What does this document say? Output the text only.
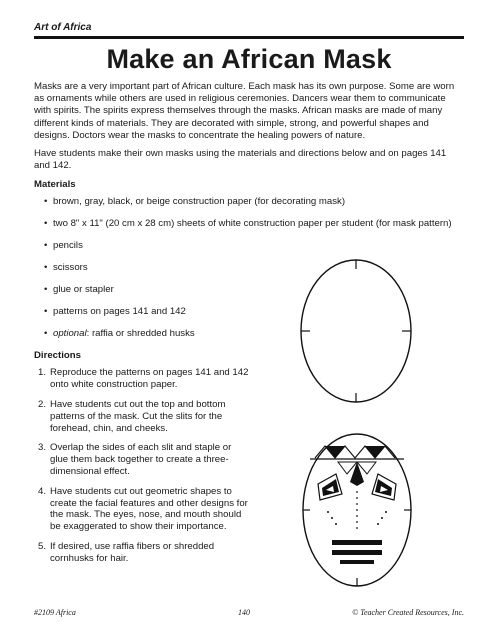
Art of Africa
Make an African Mask

Masks are a very important part of African culture. Each mask has its own purpose. Some are worn as ornaments while others are used in religious ceremonies. Dancers wear them to communicate with spirits. The spirits express themselves through the masks. African masks are made of many different kinds of materials. They are decorated with simple, strong, and powerful shapes and designs. Doctors wear the masks to concentrate the healing powers of nature.

Have students make their own masks using the materials and directions below and on pages 141 and 142.

Materials
• brown, gray, black, or beige construction paper (for decorating mask)
• two 8" x 11" (20 cm x 28 cm) sheets of white construction paper per student (for mask pattern)
• pencils
• scissors
• glue or stapler
• patterns on pages 141 and 142
• optional: raffia or shredded husks
Directions
1. Reproduce the patterns on pages 141 and 142 onto white construction paper.
2. Have students cut out the top and bottom patterns of the mask. Cut the slits for the forehead, chin, and cheeks.
3. Overlap the sides of each slit and staple or glue them back together to create a three-dimensional effect.
4. Have students cut out geometric shapes to create the facial features and other designs for the mask. The eyes, nose, and mouth should be exaggerated to show their importance.
5. If desired, use raffia fibers or shredded cornhusks for hair.
#2109 Africa	140	© Teacher Created Resources, Inc.
